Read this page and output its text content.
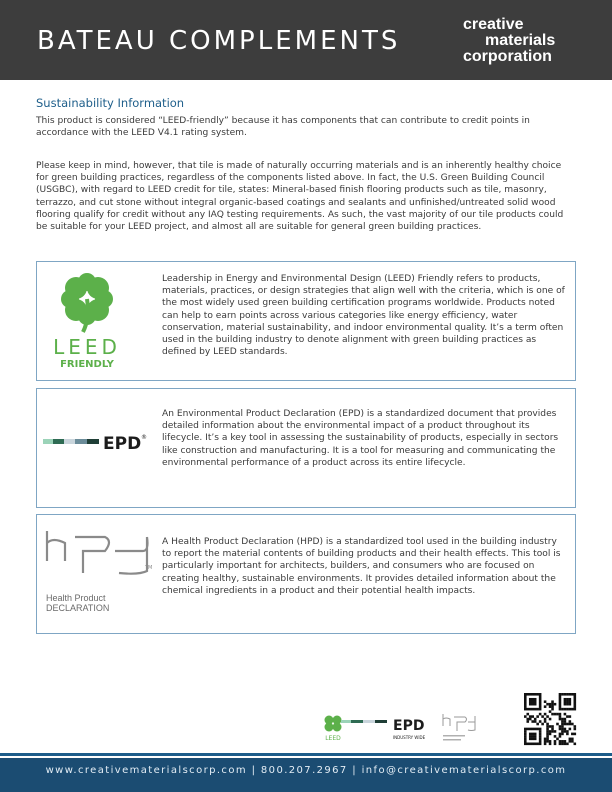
BATEAU COMPLEMENTS
creative
materials
corporation
Sustainability Information
This product is considered “LEED-friendly” because it has components that can contribute to credit points in accordance with the LEED V4.1 rating system.
Please keep in mind, however, that tile is made of naturally occurring materials and is an inherently healthy choice for green building practices, regardless of the components listed above. In fact, the U.S. Green Building Council (USGBC), with regard to LEED credit for tile, states: Mineral-based finish flooring products such as tile, masonry, terrazzo, and cut stone without integral organic-based coatings and sealants and unfinished/untreated solid wood flooring qualify for credit without any IAQ testing requirements. As such, the vast majority of our tile products could be suitable for your LEED project, and almost all are suitable for general green building practices.
LEED
FRIENDLY
Leadership in Energy and Environmental Design (LEED) Friendly refers to products, materials, practices, or design strategies that align well with the criteria, which is one of the most widely used green building certification programs worldwide. Products noted can help to earn points across various categories like energy efficiency, water conservation, material sustainability, and indoor environmental quality. It’s a term often used in the building industry to denote alignment with green building practices as defined by LEED standards.
EPD ®
An Environmental Product Declaration (EPD) is a standardized document that provides detailed information about the environmental impact of a product throughout its lifecycle. It’s a key tool in assessing the sustainability of products, especially in sectors like construction and manufacturing. It is a tool for measuring and communicating the environmental performance of a product across its entire lifecycle.
TM
Health Product
DECLARATION
A Health Product Declaration (HPD) is a standardized tool used in the building industry to report the material contents of building products and their health effects. This tool is particularly important for architects, builders, and consumers who are focused on creating healthy, sustainable environments. It provides detailed information about the chemical ingredients in a product and their potential health impacts.
LEED
EPD
INDUSTRY WIDE
www.creativematerialscorp.com | 800.207.2967 | info@creativematerialscorp.com
